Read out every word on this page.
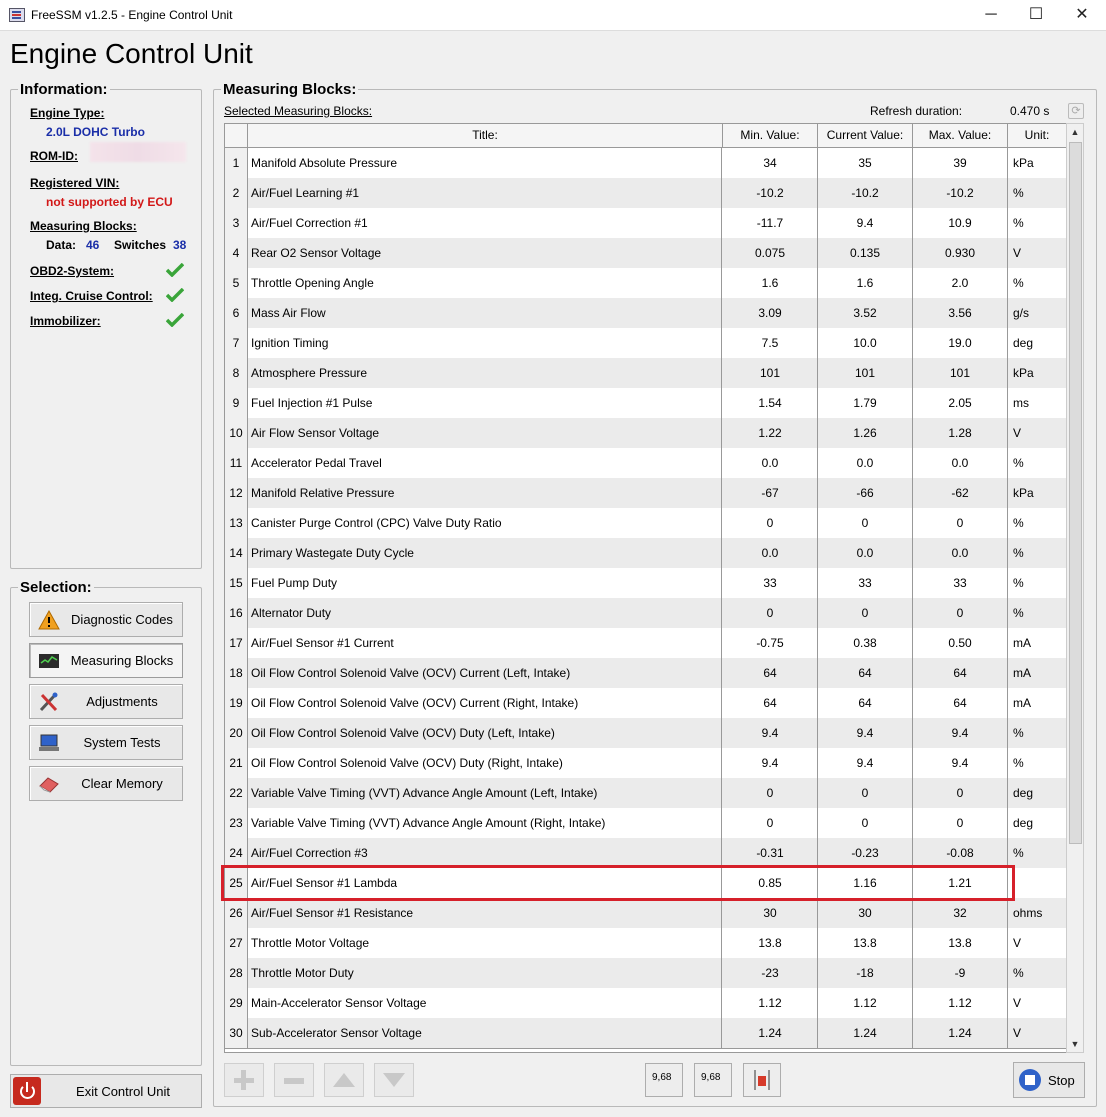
FreeSSM v1.2.5 - Engine Control Unit	─	☐	✕
Engine Control Unit
Information:
Engine Type:
2.0L DOHC Turbo
ROM-ID:
Registered VIN:
not supported by ECU
Measuring Blocks:
Data: 46 Switches 38
OBD2-System:
Integ. Cruise Control:
Immobilizer:
Selection:
Diagnostic Codes
Measuring Blocks
Adjustments
System Tests
Clear Memory
Exit Control Unit
Measuring Blocks:
Selected Measuring Blocks:	Refresh duration:	0.470 s	⟳
Title:	Min. Value:	Current Value:	Max. Value:	Unit:
1 Manifold Absolute Pressure	34	35	39	kPa
2 Air/Fuel Learning #1	-10.2	-10.2	-10.2	%
3 Air/Fuel Correction #1	-11.7	9.4	10.9	%
4 Rear O2 Sensor Voltage	0.075	0.135	0.930	V
5 Throttle Opening Angle	1.6	1.6	2.0	%
6 Mass Air Flow	3.09	3.52	3.56	g/s
7 Ignition Timing	7.5	10.0	19.0	deg
8 Atmosphere Pressure	101	101	101	kPa
9 Fuel Injection #1 Pulse	1.54	1.79	2.05	ms
10 Air Flow Sensor Voltage	1.22	1.26	1.28	V
11 Accelerator Pedal Travel	0.0	0.0	0.0	%
12 Manifold Relative Pressure	-67	-66	-62	kPa
13 Canister Purge Control (CPC) Valve Duty Ratio	0	0	0	%
14 Primary Wastegate Duty Cycle	0.0	0.0	0.0	%
15 Fuel Pump Duty	33	33	33	%
16 Alternator Duty	0	0	0	%
17 Air/Fuel Sensor #1 Current	-0.75	0.38	0.50	mA
18 Oil Flow Control Solenoid Valve (OCV) Current (Left, Intake)	64	64	64	mA
19 Oil Flow Control Solenoid Valve (OCV) Current (Right, Intake)	64	64	64	mA
20 Oil Flow Control Solenoid Valve (OCV) Duty (Left, Intake)	9.4	9.4	9.4	%
21 Oil Flow Control Solenoid Valve (OCV) Duty (Right, Intake)	9.4	9.4	9.4	%
22 Variable Valve Timing (VVT) Advance Angle Amount (Left, Intake)	0	0	0	deg
23 Variable Valve Timing (VVT) Advance Angle Amount (Right, Intake)	0	0	0	deg
24 Air/Fuel Correction #3	-0.31	-0.23	-0.08	%
25 Air/Fuel Sensor #1 Lambda	0.85	1.16	1.21
26 Air/Fuel Sensor #1 Resistance	30	30	32	ohms
27 Throttle Motor Voltage	13.8	13.8	13.8	V
28 Throttle Motor Duty	-23	-18	-9	%
29 Main-Accelerator Sensor Voltage	1.12	1.12	1.12	V
30 Sub-Accelerator Sensor Voltage	1.24	1.24	1.24	V
▲
▼
9,68	9,68	Stop
